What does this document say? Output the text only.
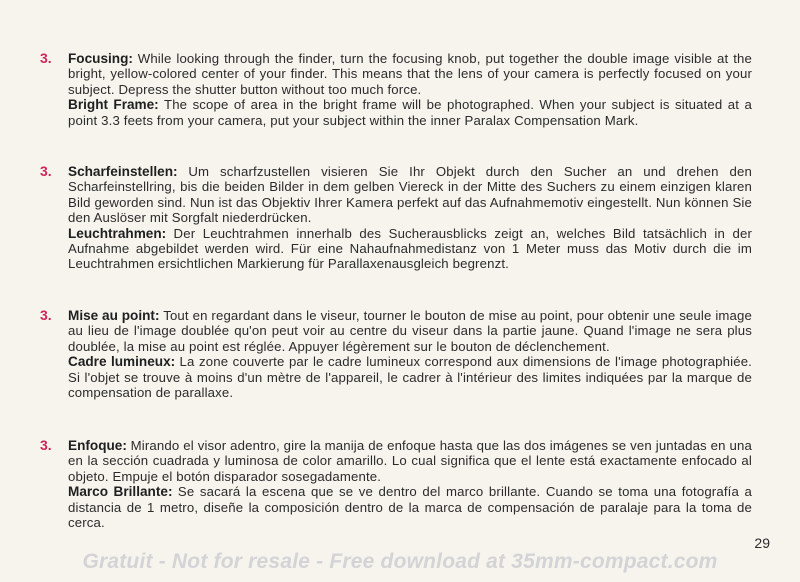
3.	Focusing: While looking through the finder, turn the focusing knob, put together the double image visible at the bright, yellow-colored center of your finder. This means that the lens of your camera is perfectly focused on your subject. Depress the shutter button without too much force.
Bright Frame: The scope of area in the bright frame will be photographed. When your subject is situated at a point 3.3 feets from your camera, put your subject within the inner Paralax Compensation Mark.
3.	Scharfeinstellen: Um scharfzustellen visieren Sie Ihr Objekt durch den Sucher an und drehen den Scharfeinstellring, bis die beiden Bilder in dem gelben Viereck in der Mitte des Suchers zu einem einzigen klaren Bild geworden sind. Nun ist das Objektiv Ihrer Kamera perfekt auf das Aufnahmemotiv eingestellt. Nun können Sie den Auslöser mit Sorgfalt niederdrücken.
Leuchtrahmen: Der Leuchtrahmen innerhalb des Sucherausblicks zeigt an, welches Bild tatsächlich in der Aufnahme abgebildet werden wird. Für eine Nahaufnahmedistanz von 1 Meter muss das Motiv durch die im Leuchtrahmen ersichtlichen Markierung für Parallaxenausgleich begrenzt.
3.	Mise au point: Tout en regardant dans le viseur, tourner le bouton de mise au point, pour obtenir une seule image au lieu de l'image doublée qu'on peut voir au centre du viseur dans la partie jaune. Quand l'image ne sera plus doublée, la mise au point est réglée. Appuyer légèrement sur le bouton de déclenchement.
Cadre lumineux: La zone couverte par le cadre lumineux correspond aux dimensions de l'image photographiée. Si l'objet se trouve à moins d'un mètre de l'appareil, le cadrer à l'intérieur des limites indiquées par la marque de compensation de parallaxe.
3.	Enfoque: Mirando el visor adentro, gire la manija de enfoque hasta que las dos imágenes se ven juntadas en una en la sección cuadrada y luminosa de color amarillo. Lo cual significa que el lente está exactamente enfocado al objeto. Empuje el botón disparador sosegadamente.
Marco Brillante: Se sacará la escena que se ve dentro del marco brillante. Cuando se toma una fotografía a distancia de 1 metro, diseñe la composición dentro de la marca de compensación de paralaje para la toma de cerca.
29
Gratuit - Not for resale - Free download at 35mm-compact.com
